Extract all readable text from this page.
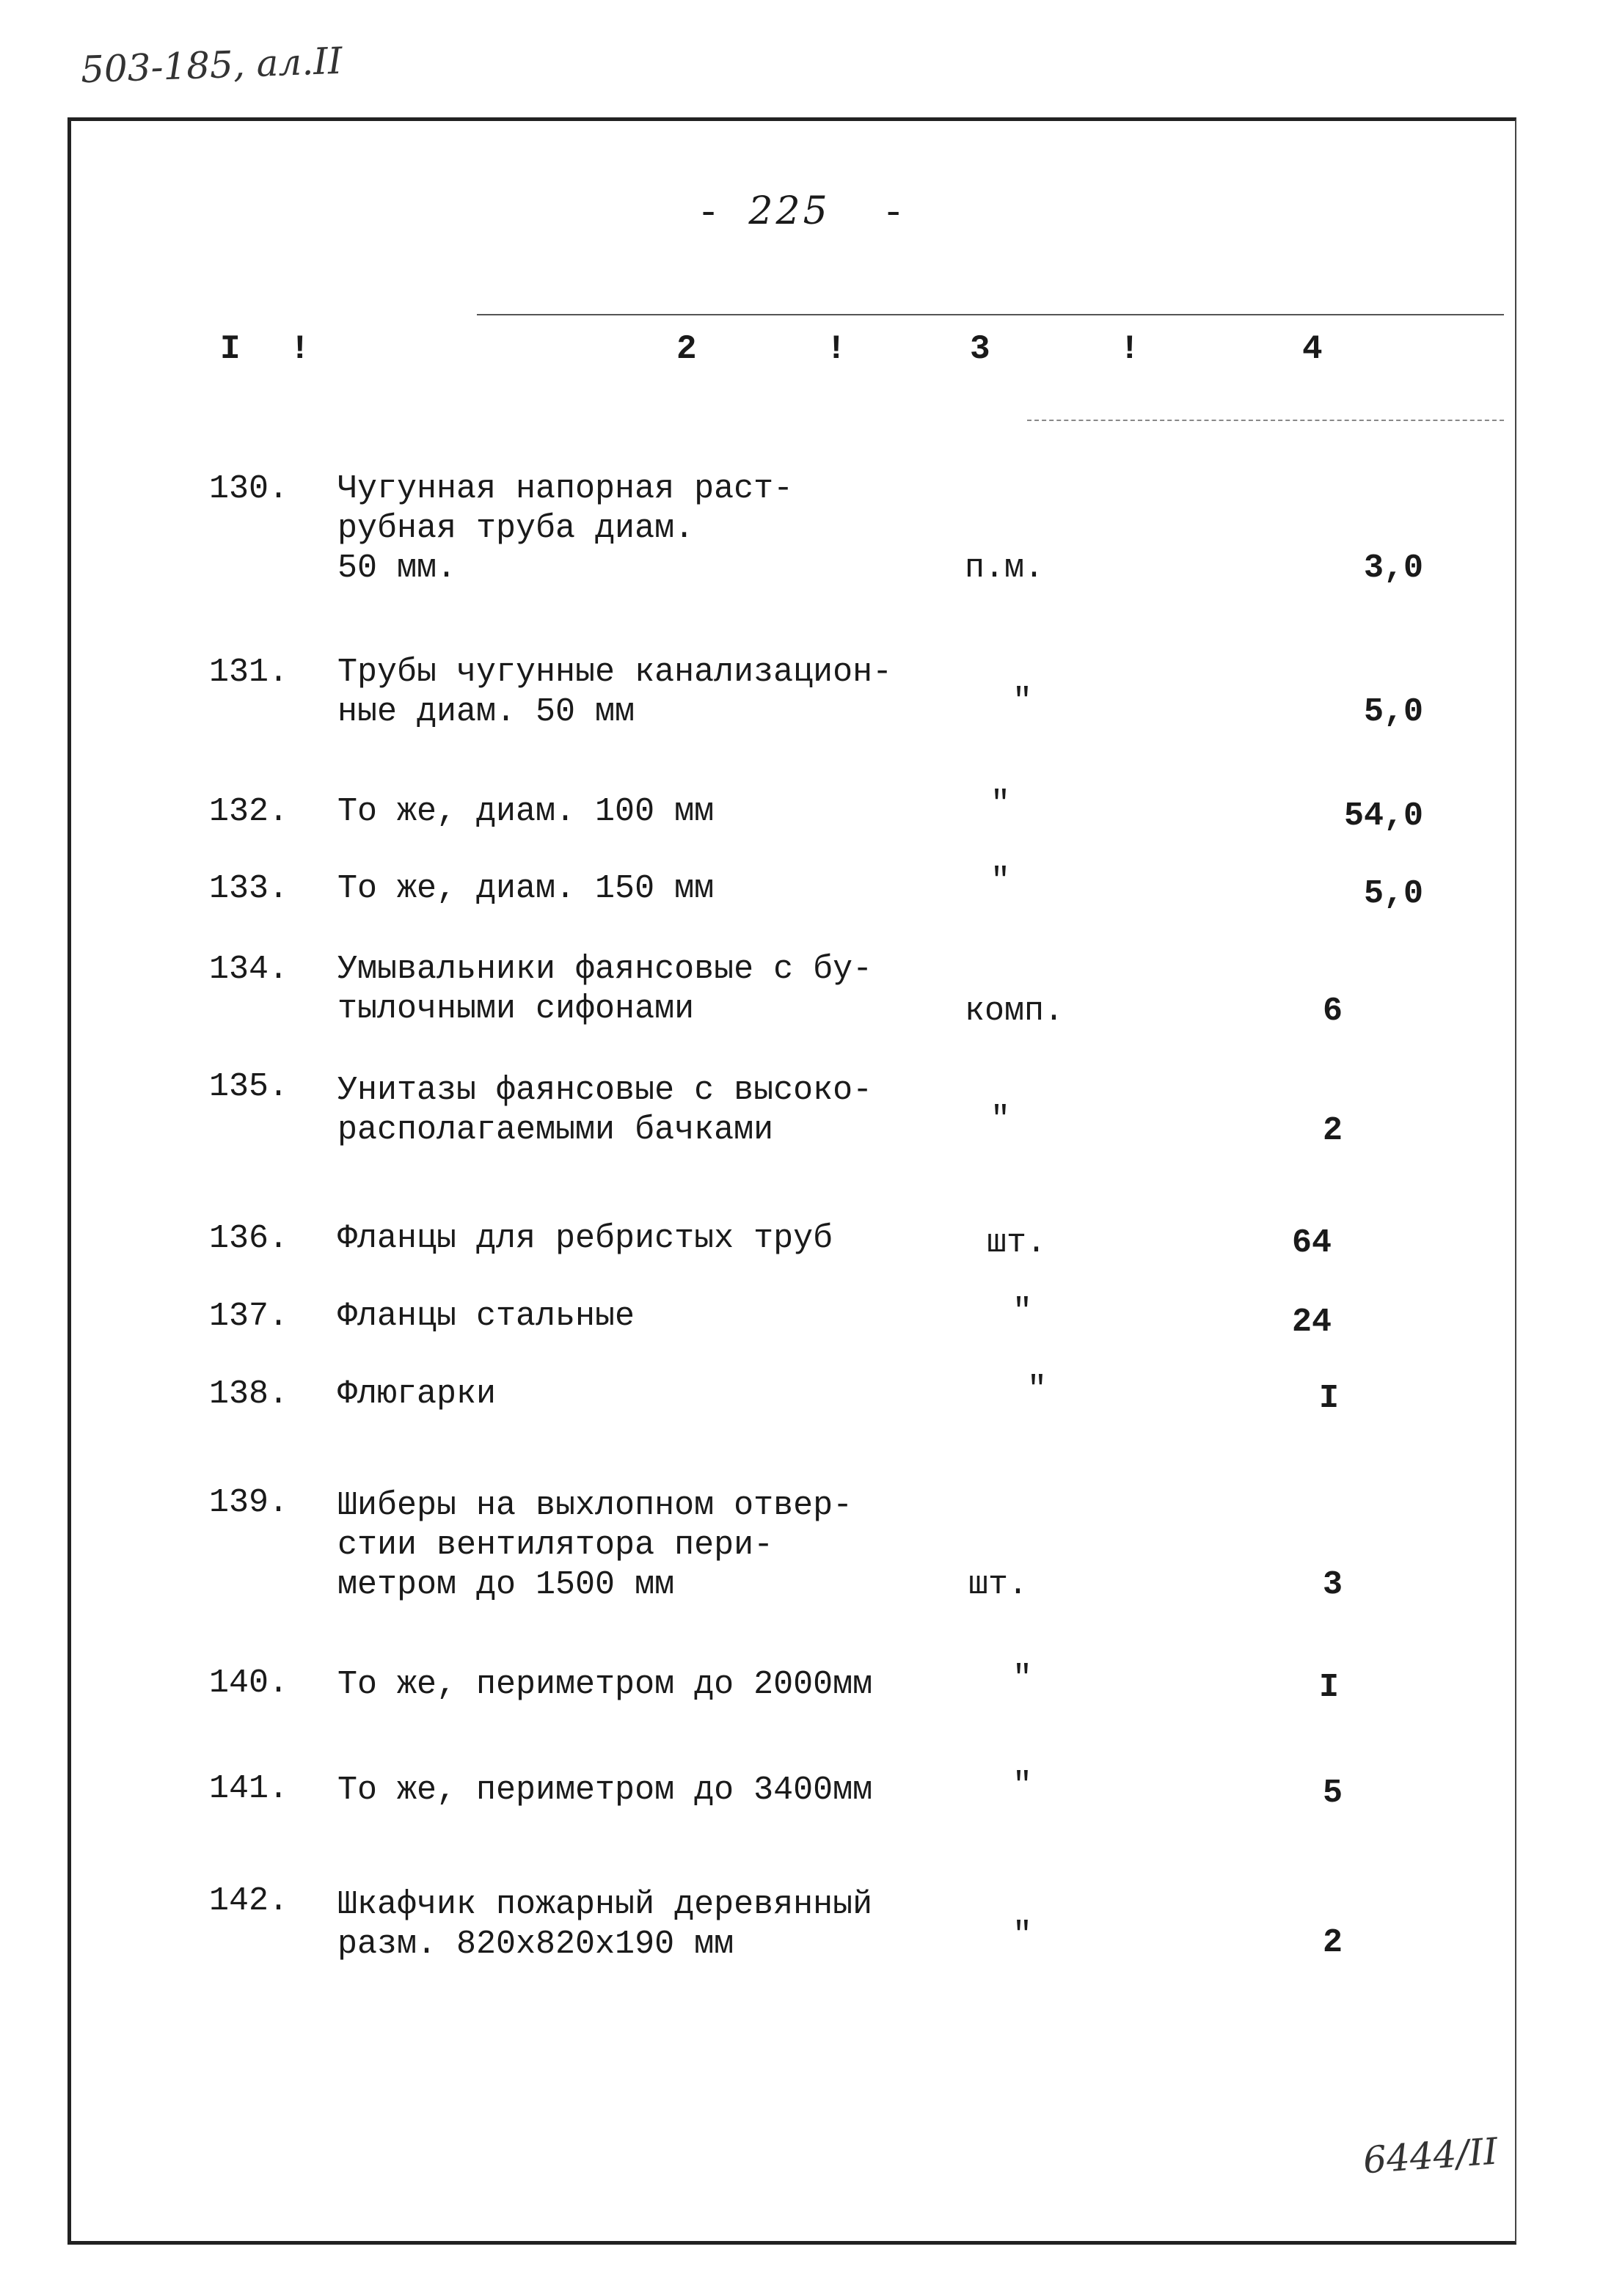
503-185, ал.II
- 225  -
I !	2	!	3	!	4
130.	Чугунная напорная раст-
рубная труба диам.
50 мм.	п.м.	3,0
131.	Трубы чугунные канализацион-
ные диам. 50 мм	"	5,0
132.	То же, диам. 100 мм	"	54,0
133.	То же, диам. 150 мм	"	5,0
134.	Умывальники фаянсовые с бу-
тылочными сифонами	комп.	6
135.	Унитазы фаянсовые с высоко-
располагаемыми бачками	"	2
136.	Фланцы для ребристых труб	шт.	64
137.	Фланцы стальные	"	24
138.	Флюгарки	"	I
139.	Шиберы на выхлопном отвер-
стии вентилятора пери-
метром до 1500 мм	шт.	3
140.	То же, периметром до 2000мм	"	I
141.	То же, периметром до 3400мм	"	5
142.	Шкафчик пожарный деревянный
разм. 820х820х190 мм	"	2
6444/II
